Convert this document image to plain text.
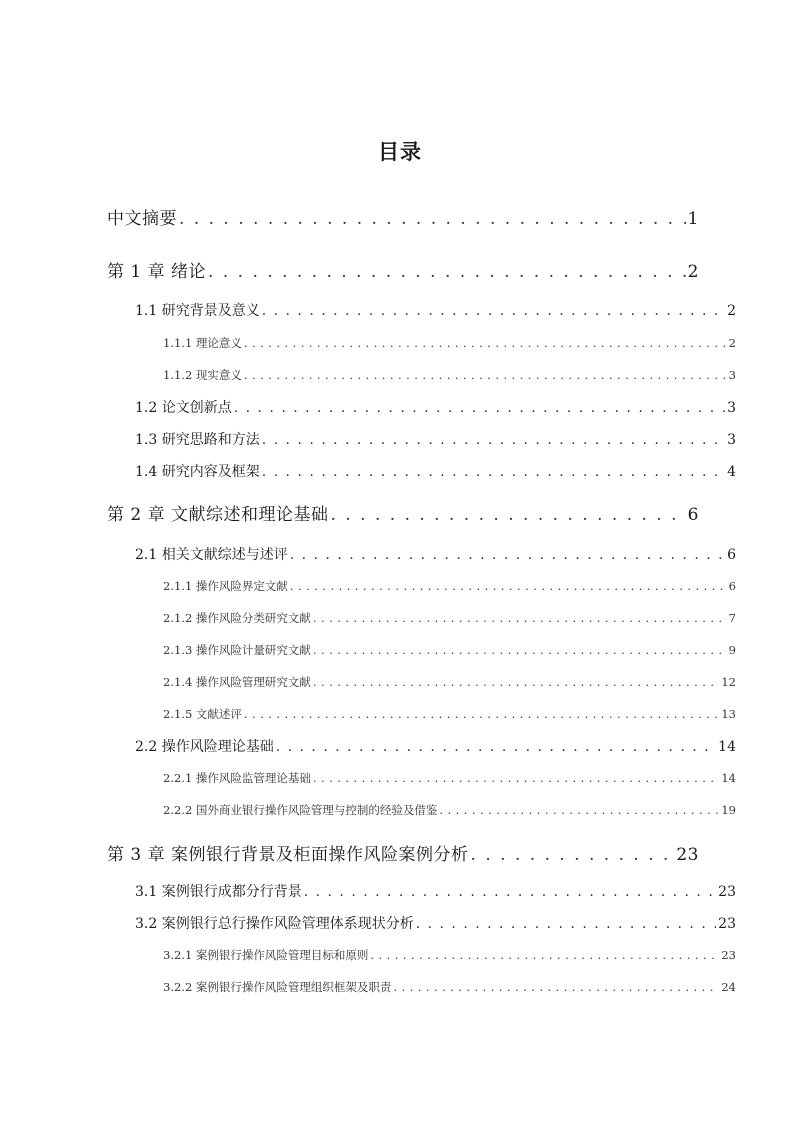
目录
中文摘要 . . .	1
第 1 章 绪论 . . .	2
1.1 研究背景及意义 . . .	2
1.1.1 理论意义 . . .	2
1.1.2 现实意义 . . .	3
1.2 论文创新点 . . .	3
1.3 研究思路和方法 . . .	3
1.4 研究内容及框架 . . .	4
第 2 章 文献综述和理论基础 . . .	6
2.1 相关文献综述与述评 . . .	6
2.1.1 操作风险界定文献 . . .	6
2.1.2 操作风险分类研究文献 . . .	7
2.1.3 操作风险计量研究文献 . . .	9
2.1.4 操作风险管理研究文献 . . .	12
2.1.5 文献述评 . . .	13
2.2 操作风险理论基础 . . .	14
2.2.1 操作风险监管理论基础 . . .	14
2.2.2 国外商业银行操作风险管理与控制的经验及借鉴 . . .	19
第 3 章 案例银行背景及柜面操作风险案例分析 . . .	23
3.1 案例银行成都分行背景 . . .	23
3.2 案例银行总行操作风险管理体系现状分析 . . .	23
3.2.1 案例银行操作风险管理目标和原则 . . .	23
3.2.2 案例银行操作风险管理组织框架及职责 . . .	24
